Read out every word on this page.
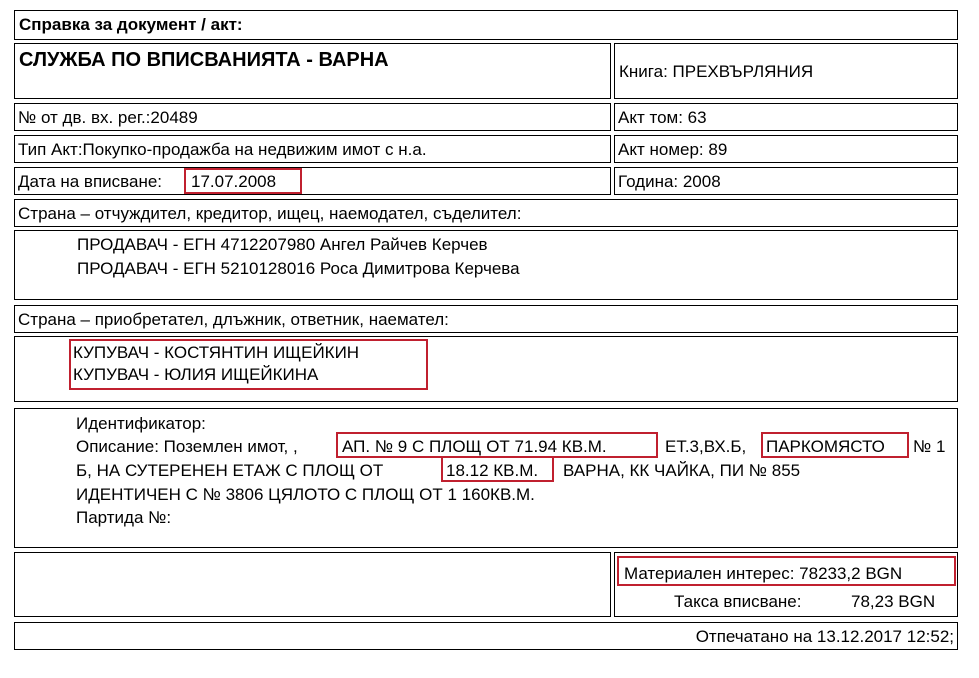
Справка за документ / акт:
СЛУЖБА ПО ВПИСВАНИЯТА - ВАРНА
Книга: ПРЕХВЪРЛЯНИЯ
№ от дв. вх. рег.:20489	Акт том: 63
Тип Акт:Покупко-продажба на недвижим имот с н.а.	Акт номер: 89
Дата на вписване: 17.07.2008	Година: 2008
Страна – отчуждител, кредитор, ищец, наемодател, съделител:
ПРОДАВАЧ - ЕГН 4712207980 Ангел Райчев Керчев
ПРОДАВАЧ - ЕГН 5210128016 Роса Димитрова Керчева
Страна – приобретател, длъжник, ответник, наемател:
КУПУВАЧ - КОСТЯНТИН ИЩЕЙКИН
КУПУВАЧ - ЮЛИЯ ИЩЕЙКИНА
Идентификатор:
Описание: Поземлен имот, ,	АП. № 9 С ПЛОЩ ОТ 71.94 КВ.М.	ЕТ.3,ВХ.Б, ПАРКОМЯСТО № 1
Б, НА СУТЕРЕНЕН ЕТАЖ С ПЛОЩ ОТ	18.12 КВ.М. ВАРНА, КК ЧАЙКА, ПИ № 855
ИДЕНТИЧЕН С № 3806 ЦЯЛОТО С ПЛОЩ ОТ 1 160КВ.М.
Партида №:
Материален интерес: 78233,2 BGN
Такса вписване:	78,23 BGN
Отпечатано на 13.12.2017 12:52;
